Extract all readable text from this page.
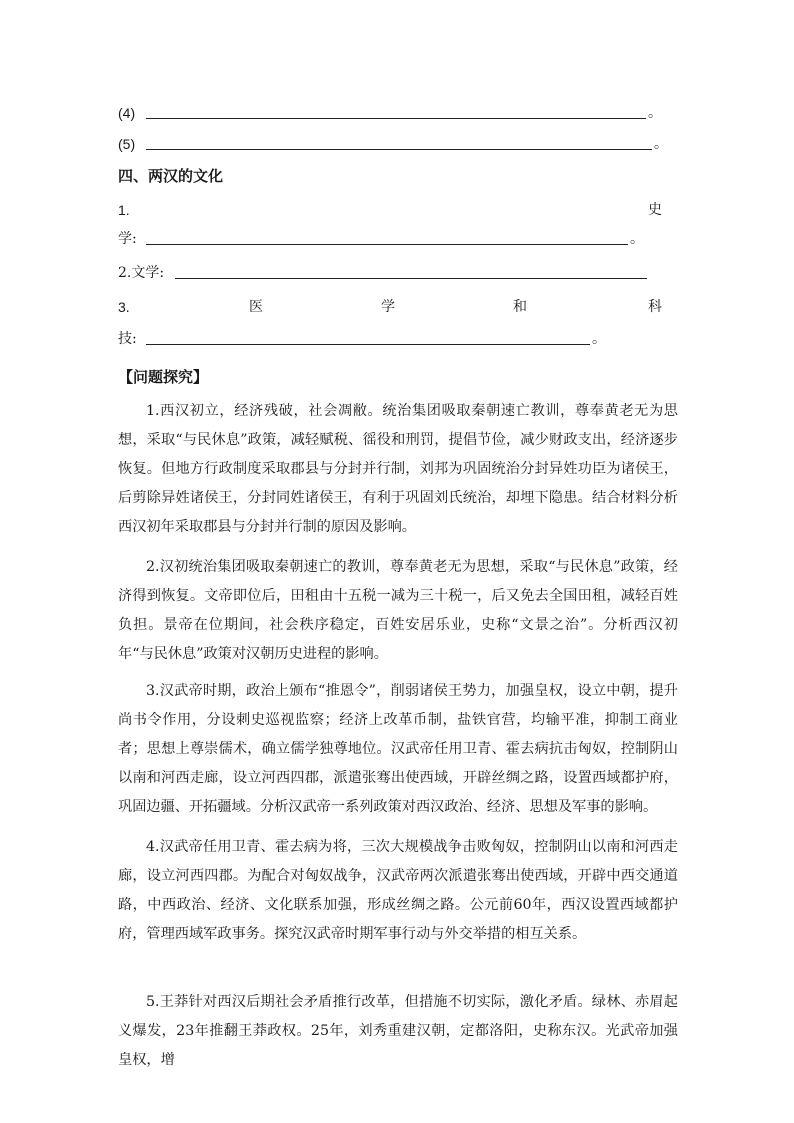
(4)	。
(5)	。
四、两汉的文化
1.	史
学:	。
2.文学:
3.	医	学	和	科
技:	。
【问题探究】
1.西汉初立，经济残破，社会凋敝。统治集团吸取秦朝速亡教训，尊奉黄老无为思想，采取“与民休息”政策，减轻赋税、徭役和刑罚，提倡节俭，减少财政支出，经济逐步恢复。但地方行政制度采取郡县与分封并行制，刘邦为巩固统治分封异姓功臣为诸侯王，后剪除异姓诸侯王，分封同姓诸侯王，有利于巩固刘氏统治，却埋下隐患。结合材料分析西汉初年采取郡县与分封并行制的原因及影响。
2.汉初统治集团吸取秦朝速亡的教训，尊奉黄老无为思想，采取“与民休息”政策，经济得到恢复。文帝即位后，田租由十五税一减为三十税一，后又免去全国田租，减轻百姓负担。景帝在位期间，社会秩序稳定，百姓安居乐业，史称“文景之治”。分析西汉初年“与民休息”政策对汉朝历史进程的影响。
3.汉武帝时期，政治上颁布“推恩令”，削弱诸侯王势力，加强皇权，设立中朝，提升尚书令作用，分设刺史巡视监察；经济上改革币制，盐铁官营，均输平准，抑制工商业者；思想上尊崇儒术，确立儒学独尊地位。汉武帝任用卫青、霍去病抗击匈奴，控制阴山以南和河西走廊，设立河西四郡，派遣张骞出使西域，开辟丝绸之路，设置西域都护府，巩固边疆、开拓疆域。分析汉武帝一系列政策对西汉政治、经济、思想及军事的影响。
4.汉武帝任用卫青、霍去病为将，三次大规模战争击败匈奴，控制阴山以南和河西走廊，设立河西四郡。为配合对匈奴战争，汉武帝两次派遣张骞出使西域，开辟中西交通道路，中西政治、经济、文化联系加强，形成丝绸之路。公元前60年，西汉设置西域都护府，管理西域军政事务。探究汉武帝时期军事行动与外交举措的相互关系。
5.王莽针对西汉后期社会矛盾推行改革，但措施不切实际，激化矛盾。绿林、赤眉起义爆发，23年推翻王莽政权。25年，刘秀重建汉朝，定都洛阳，史称东汉。光武帝加强皇权，增
